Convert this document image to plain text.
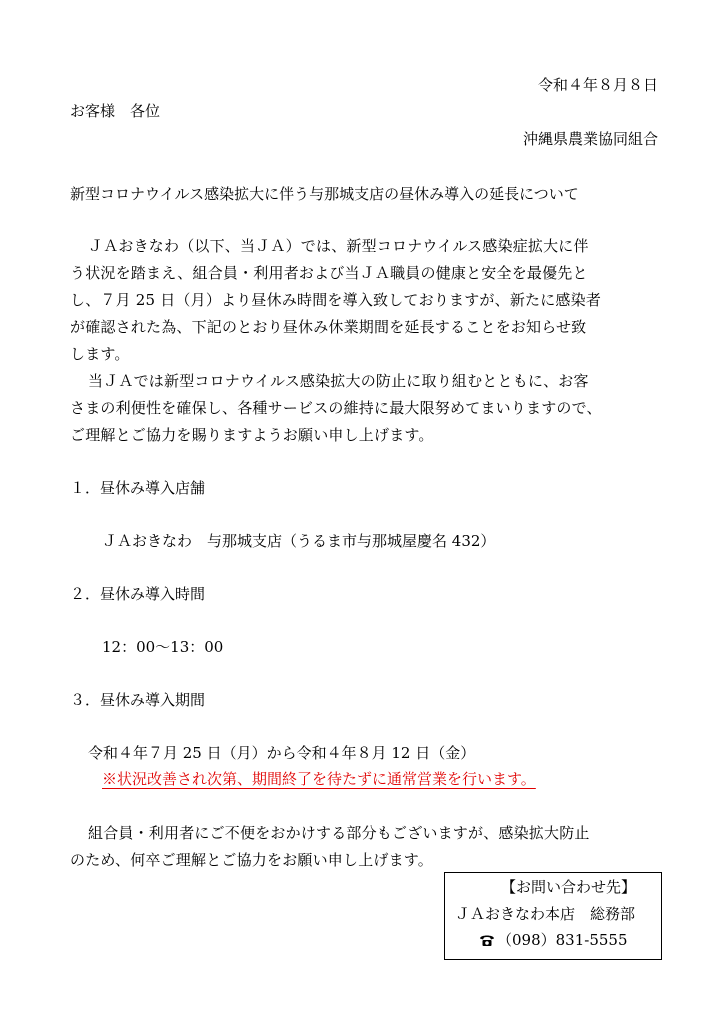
令和４年８月８日
お客様　各位
沖縄県農業協同組合
新型コロナウイルス感染拡大に伴う与那城支店の昼休み導入の延長について
ＪＡおきなわ（以下、当ＪＡ）では、新型コロナウイルス感染症拡大に伴
う状況を踏まえ、組合員・利用者および当ＪＡ職員の健康と安全を最優先と
し、７月 25 日（月）より昼休み時間を導入致しておりますが、新たに感染者
が確認された為、下記のとおり昼休み休業期間を延長することをお知らせ致
します。
当ＪＡでは新型コロナウイルス感染拡大の防止に取り組むとともに、お客
さまの利便性を確保し、各種サービスの維持に最大限努めてまいりますので、
ご理解とご協力を賜りますようお願い申し上げます。
１．昼休み導入店舗
ＪＡおきなわ　与那城支店（うるま市与那城屋慶名 432）
２．昼休み導入時間
12：00～13：00
３．昼休み導入期間
令和４年７月 25 日（月）から令和４年８月 12 日（金）
※状況改善され次第、期間終了を待たずに通常営業を行います。
組合員・利用者にご不便をおかけする部分もございますが、感染拡大防止
のため、何卒ご理解とご協力をお願い申し上げます。
【お問い合わせ先】
ＪＡおきなわ本店　総務部
（098）831-5555
